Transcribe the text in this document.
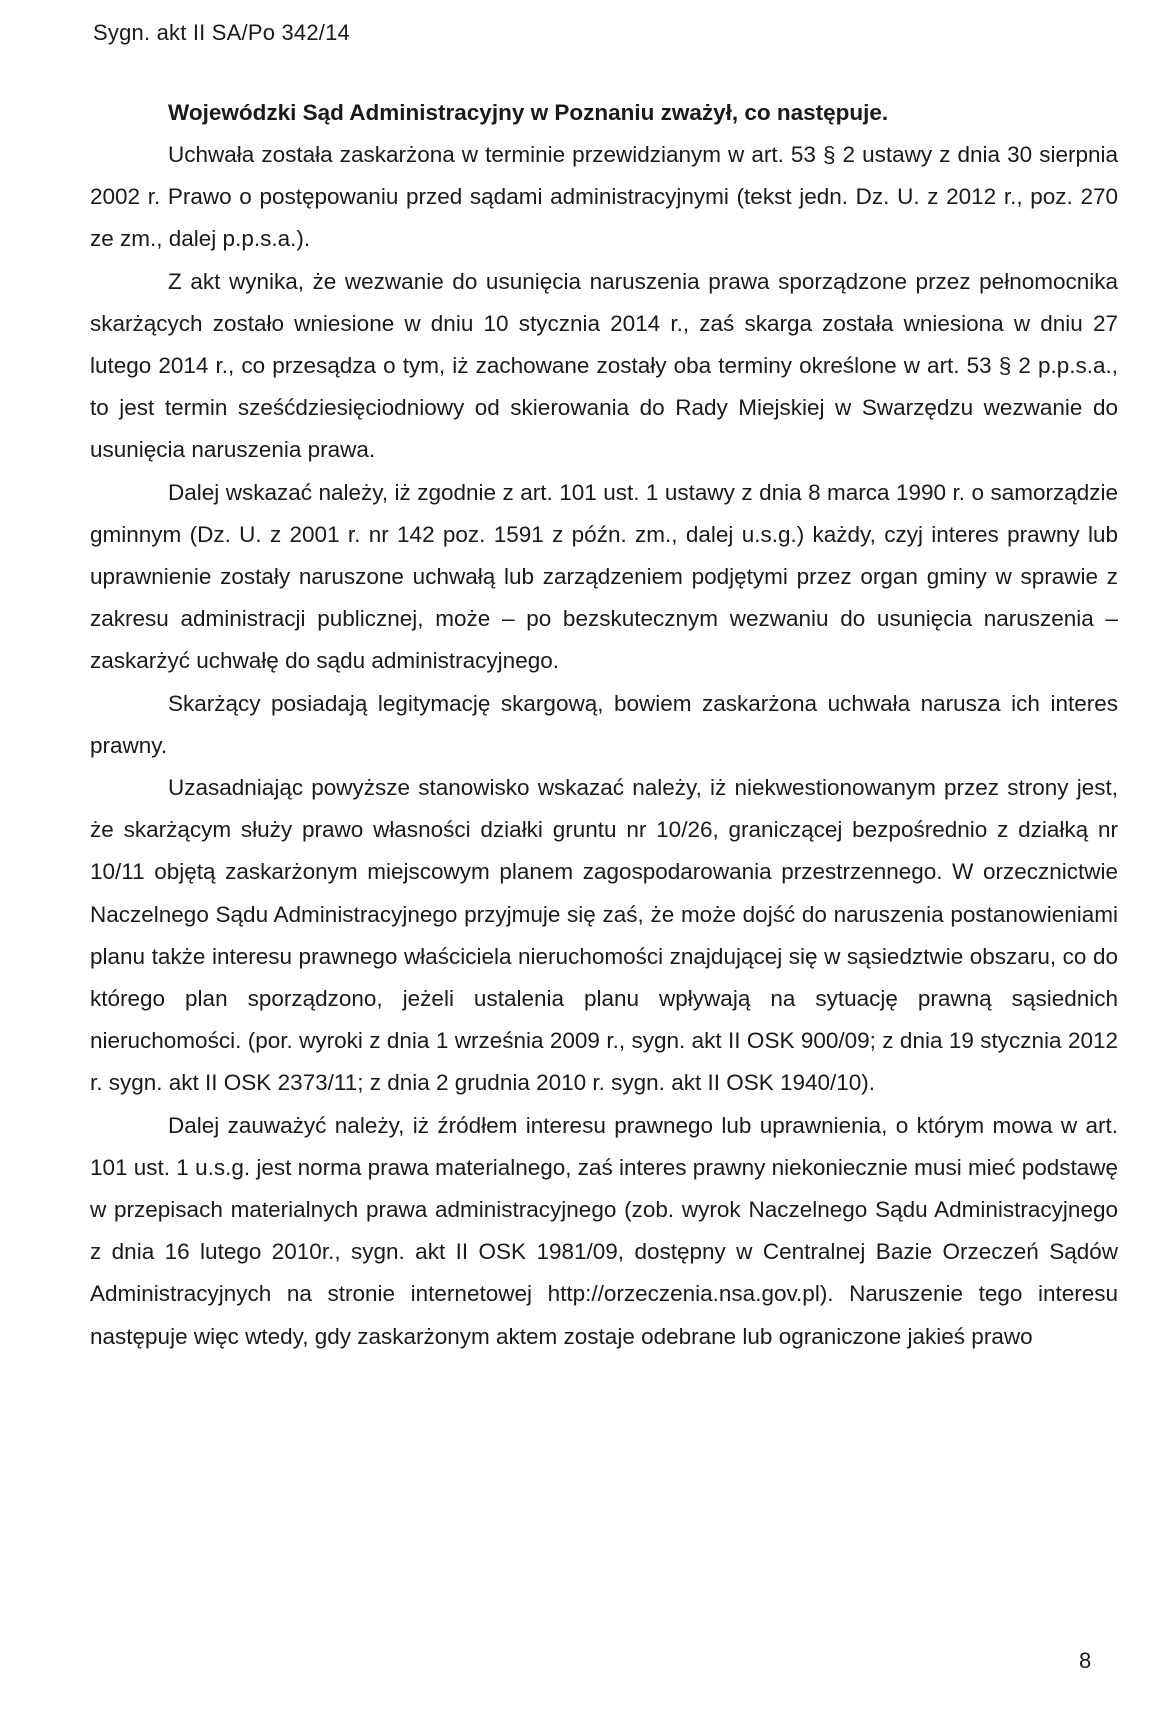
Sygn. akt II SA/Po 342/14

Wojewódzki Sąd Administracyjny w Poznaniu zważył, co następuje.

Uchwała została zaskarżona w terminie przewidzianym w art. 53 § 2 ustawy z dnia 30 sierpnia 2002 r. Prawo o postępowaniu przed sądami administracyjnymi (tekst jedn. Dz. U. z 2012 r., poz. 270 ze zm., dalej p.p.s.a.).

Z akt wynika, że wezwanie do usunięcia naruszenia prawa sporządzone przez pełnomocnika skarżących zostało wniesione w dniu 10 stycznia 2014 r., zaś skarga została wniesiona w dniu 27 lutego 2014 r., co przesądza o tym, iż zachowane zostały oba terminy określone w art. 53 § 2 p.p.s.a., to jest termin sześćdziesięciodniowy od skierowania do Rady Miejskiej w Swarzędzu wezwanie do usunięcia naruszenia prawa.

Dalej wskazać należy, iż zgodnie z art. 101 ust. 1 ustawy z dnia 8 marca 1990 r. o samorządzie gminnym (Dz. U. z 2001 r. nr 142 poz. 1591 z późn. zm., dalej u.s.g.) każdy, czyj interes prawny lub uprawnienie zostały naruszone uchwałą lub zarządzeniem podjętymi przez organ gminy w sprawie z zakresu administracji publicznej, może – po bezskutecznym wezwaniu do usunięcia naruszenia – zaskarżyć uchwałę do sądu administracyjnego.

Skarżący posiadają legitymację skargową, bowiem zaskarżona uchwała narusza ich interes prawny.

Uzasadniając powyższe stanowisko wskazać należy, iż niekwestionowanym przez strony jest, że skarżącym służy prawo własności działki gruntu nr 10/26, graniczącej bezpośrednio z działką nr 10/11 objętą zaskarżonym miejscowym planem zagospodarowania przestrzennego. W orzecznictwie Naczelnego Sądu Administracyjnego przyjmuje się zaś, że może dojść do naruszenia postanowieniami planu także interesu prawnego właściciela nieruchomości znajdującej się w sąsiedztwie obszaru, co do którego plan sporządzono, jeżeli ustalenia planu wpływają na sytuację prawną sąsiednich nieruchomości. (por. wyroki z dnia 1 września 2009 r., sygn. akt II OSK 900/09; z dnia 19 stycznia 2012 r. sygn. akt II OSK 2373/11; z dnia 2 grudnia 2010 r. sygn. akt II OSK 1940/10).

Dalej zauważyć należy, iż źródłem interesu prawnego lub uprawnienia, o którym mowa w art. 101 ust. 1 u.s.g. jest norma prawa materialnego, zaś interes prawny niekoniecznie musi mieć podstawę w przepisach materialnych prawa administracyjnego (zob. wyrok Naczelnego Sądu Administracyjnego z dnia 16 lutego 2010r., sygn. akt II OSK 1981/09, dostępny w Centralnej Bazie Orzeczeń Sądów Administracyjnych na stronie internetowej http://orzeczenia.nsa.gov.pl). Naruszenie tego interesu następuje więc wtedy, gdy zaskarżonym aktem zostaje odebrane lub ograniczone jakieś prawo

8
